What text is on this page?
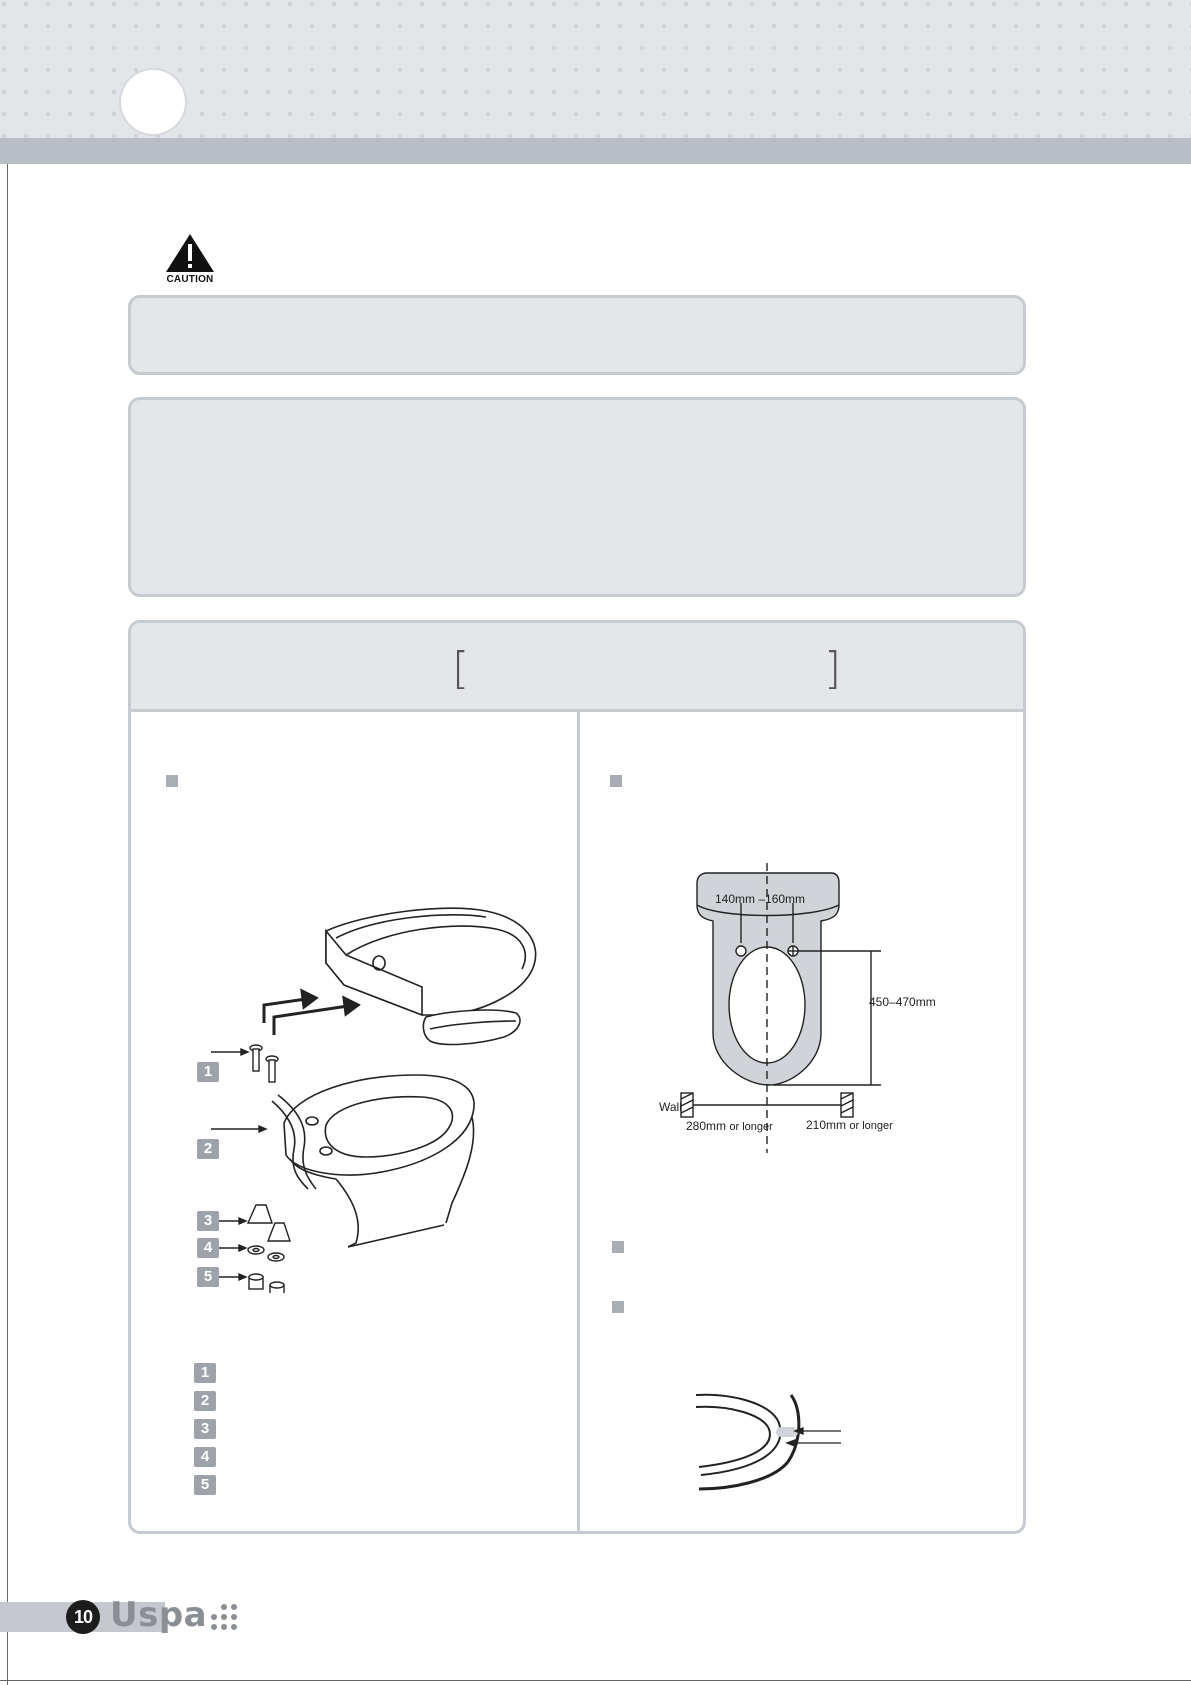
CAUTION
[	]
1
2
3
4
5
1
2
3
4
5
140mm –160mm
450–470mm
Wall
280mm or longer	210mm or longer
10 Uspa
